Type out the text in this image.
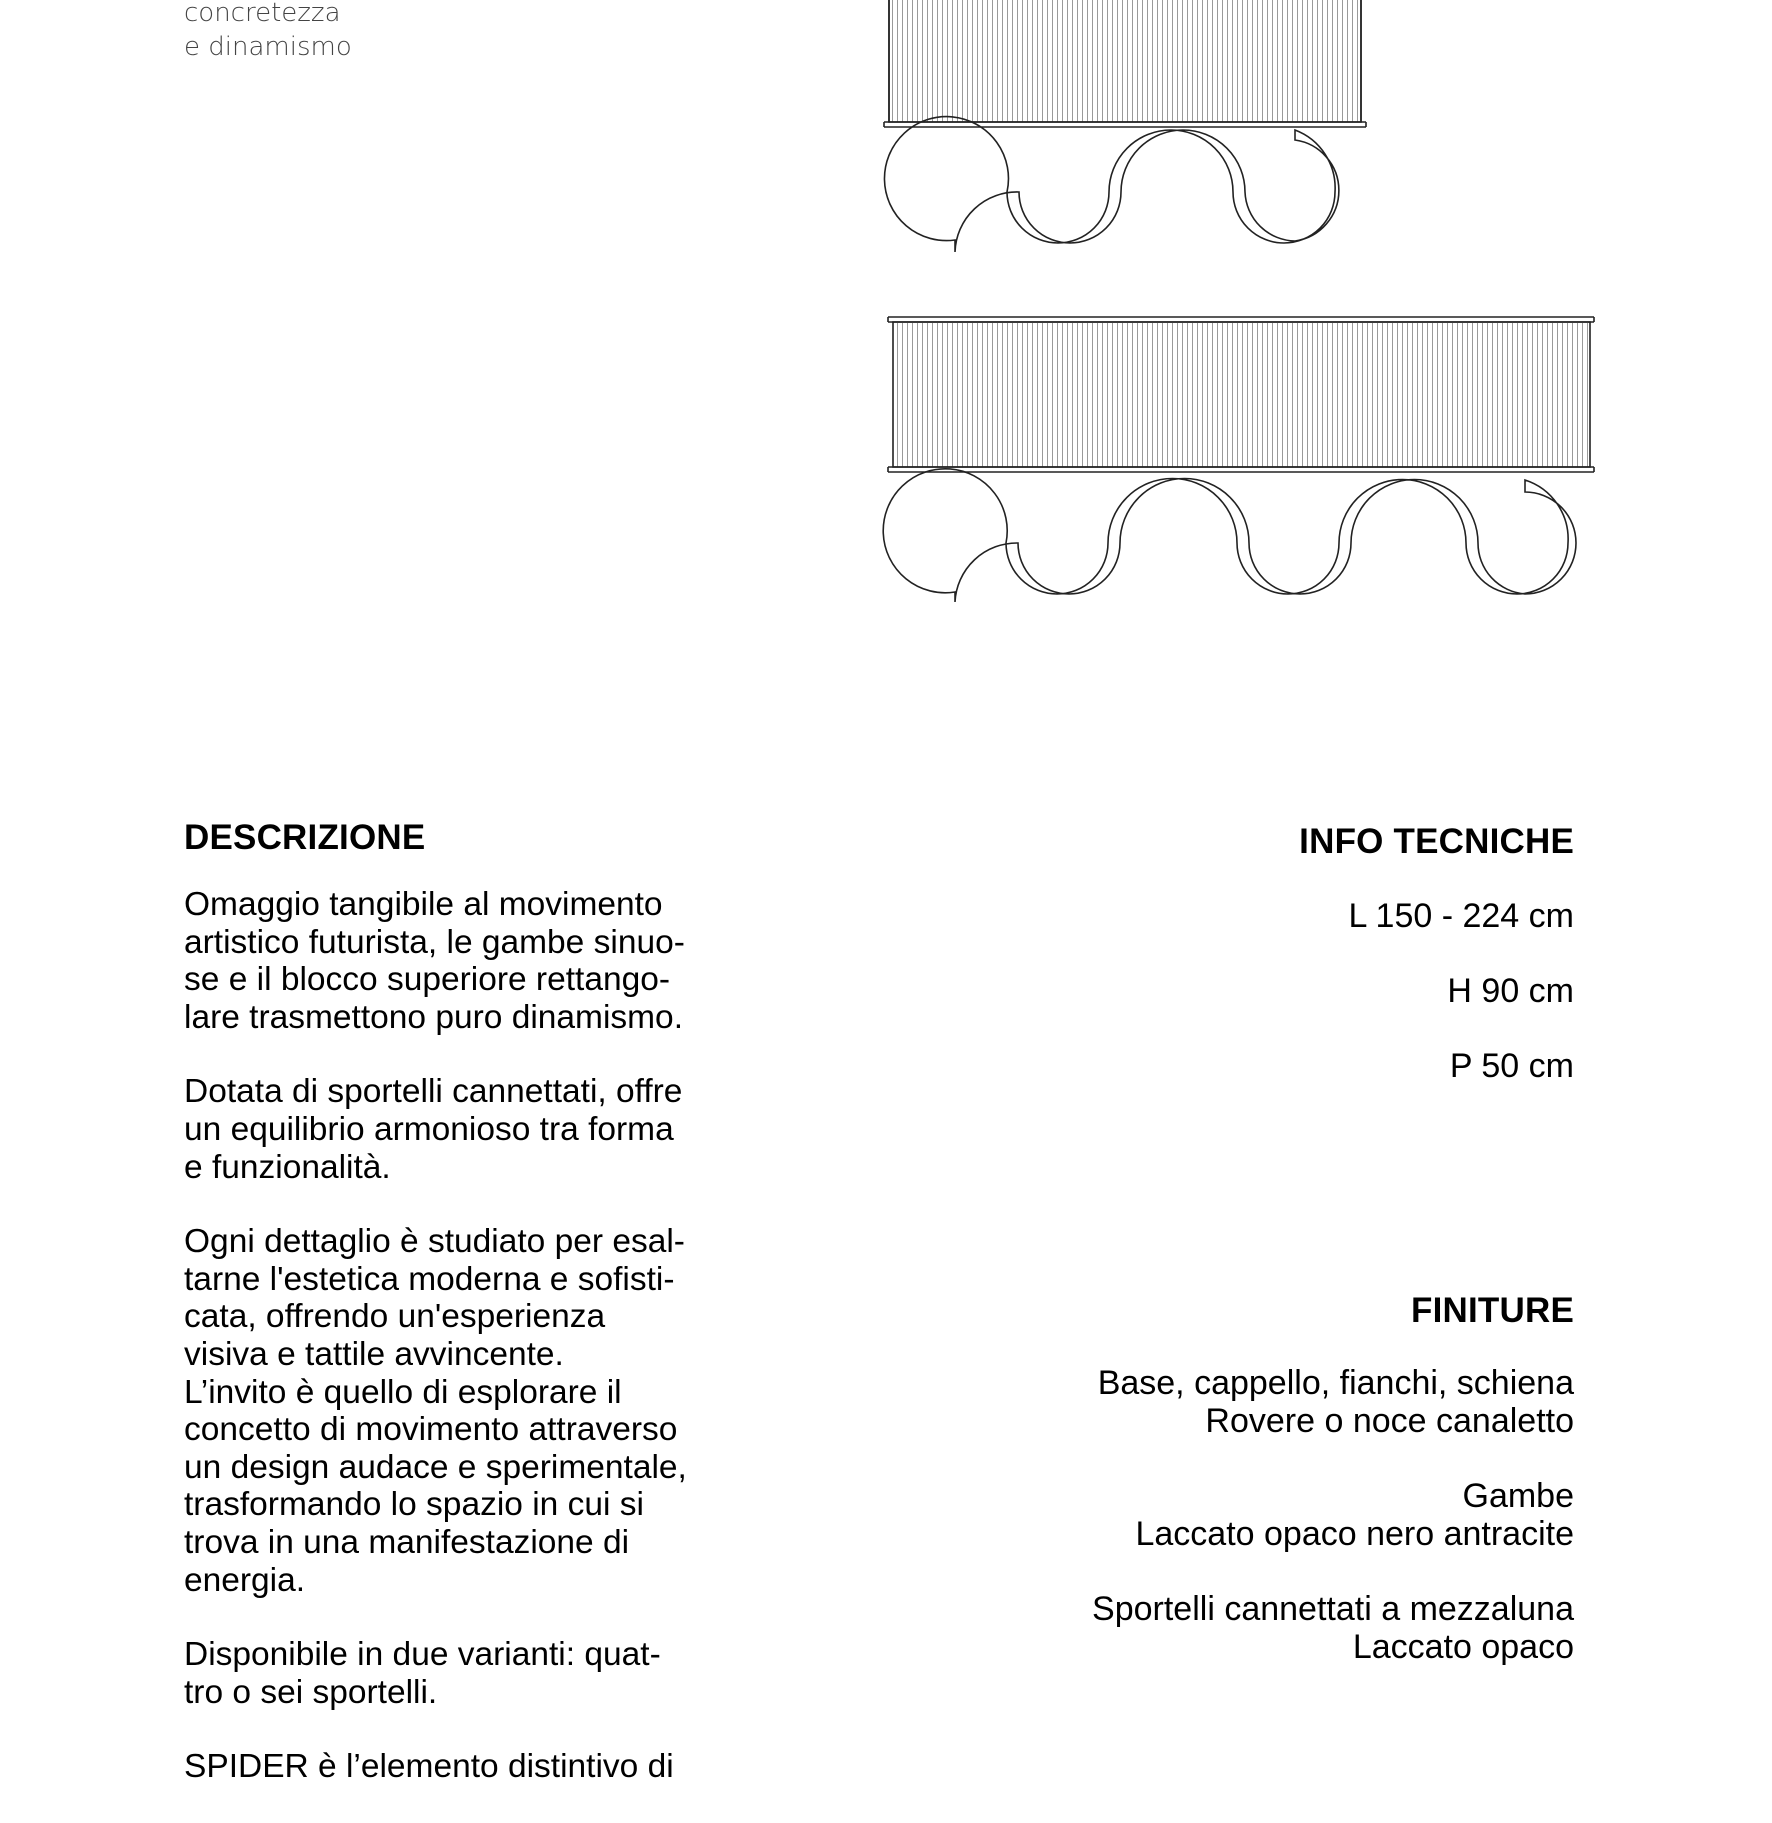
concretezza
e dinamismo
DESCRIZIONE

Omaggio tangibile al movimento
artistico futurista, le gambe sinuo-
se e il blocco superiore rettango-
lare trasmettono puro dinamismo.

Dotata di sportelli cannettati, offre
un equilibrio armonioso tra forma
e funzionalità.

Ogni dettaglio è studiato per esal-
tarne l'estetica moderna e sofisti-
cata, offrendo un'esperienza
visiva e tattile avvincente.

L’invito è quello di esplorare il
concetto di movimento attraverso
un design audace e sperimentale,
trasformando lo spazio in cui si
trova in una manifestazione di
energia.

Disponibile in due varianti: quat-
tro o sei sportelli.

SPIDER è l’elemento distintivo di

INFO TECNICHE
L 150 - 224 cm
H 90 cm
P 50 cm
FINITURE
Base, cappello, fianchi, schiena
Rovere o noce canaletto
Gambe
Laccato opaco nero antracite
Sportelli cannettati a mezzaluna
Laccato opaco
